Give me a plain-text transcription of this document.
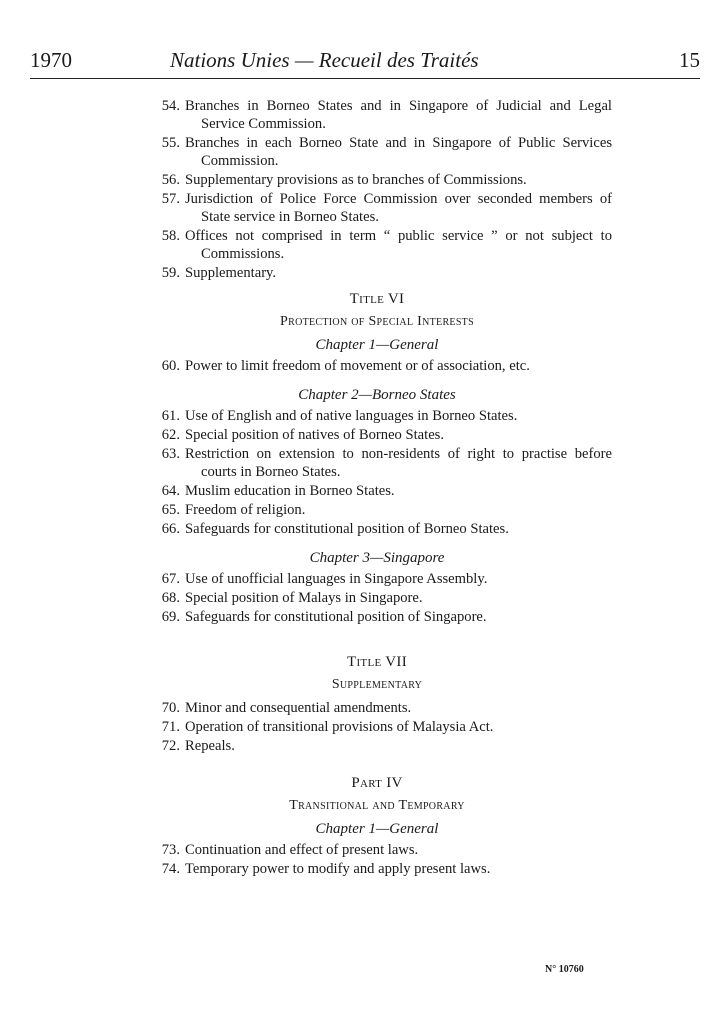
1970	Nations Unies — Recueil des Traités	15
54. Branches in Borneo States and in Singapore of Judicial and Legal Service Commission.
55. Branches in each Borneo State and in Singapore of Public Services Commission.
56. Supplementary provisions as to branches of Commissions.
57. Jurisdiction of Police Force Commission over seconded members of State service in Borneo States.
58. Offices not comprised in term “ public service ” or not subject to Commissions.
59. Supplementary.
Title VI
Protection of Special Interests
Chapter 1—General
60. Power to limit freedom of movement or of association, etc.
Chapter 2—Borneo States
61. Use of English and of native languages in Borneo States.
62. Special position of natives of Borneo States.
63. Restriction on extension to non-residents of right to practise before courts in Borneo States.
64. Muslim education in Borneo States.
65. Freedom of religion.
66. Safeguards for constitutional position of Borneo States.
Chapter 3—Singapore
67. Use of unofficial languages in Singapore Assembly.
68. Special position of Malays in Singapore.
69. Safeguards for constitutional position of Singapore.
Title VII
Supplementary
70. Minor and consequential amendments.
71. Operation of transitional provisions of Malaysia Act.
72. Repeals.
Part IV
Transitional and Temporary
Chapter 1—General
73. Continuation and effect of present laws.
74. Temporary power to modify and apply present laws.
N° 10760
